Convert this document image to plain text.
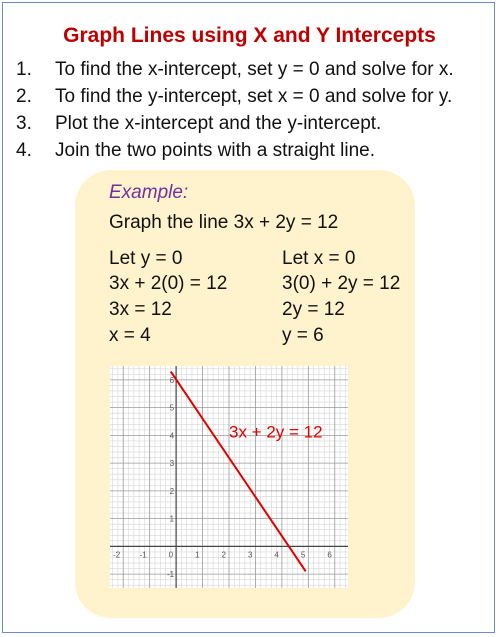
Graph Lines using X and Y Intercepts
1.	To find the x-intercept, set y = 0 and solve for x.
2.	To find the y-intercept, set x = 0 and solve for y.
3.	Plot the x-intercept and the y-intercept.
4.	Join the two points with a straight line.
Example:
Graph the line 3x + 2y = 12
Let y = 0
3x + 2(0) = 12
3x = 12
x = 4
Let x = 0
3(0) + 2y = 12
2y = 12
y = 6
-2 -1	0	1	2	3	4	5	6
-1
1
2
3
4
5
6
3x + 2y = 12
